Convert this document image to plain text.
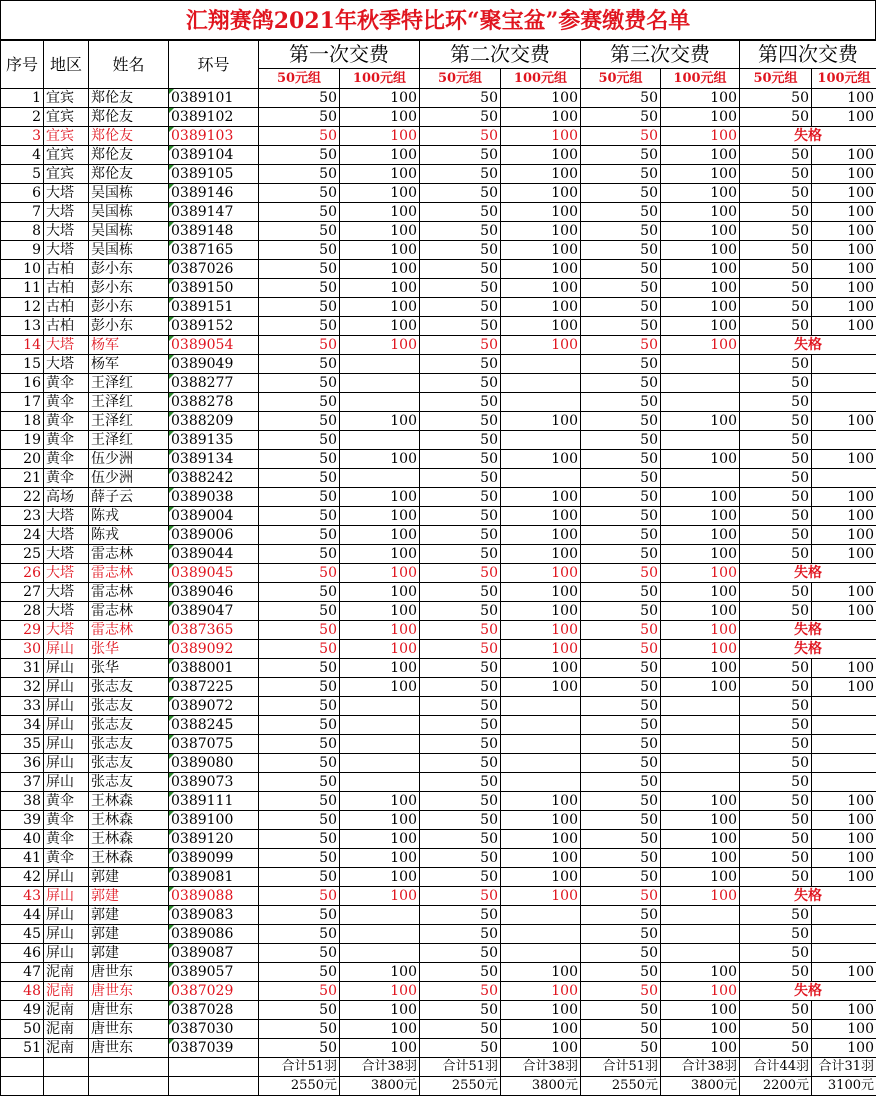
汇翔赛鸽2021年秋季特比环“聚宝盆”参赛缴费名单
序号	地区	姓名	环号	第一次交费		第二次交费		第三次交费		第四次交费	
				50元组	100元组	50元组	100元组	50元组	100元组	50元组	100元组
1	宜宾	郑伦友	0389101	50	100	50	100	50	100	50	100
2	宜宾	郑伦友	0389102	50	100	50	100	50	100	50	100
3	宜宾	郑伦友	0389103	50	100	50	100	50	100	失格	
4	宜宾	郑伦友	0389104	50	100	50	100	50	100	50	100
5	宜宾	郑伦友	0389105	50	100	50	100	50	100	50	100
6	大塔	吴国栋	0389146	50	100	50	100	50	100	50	100
7	大塔	吴国栋	0389147	50	100	50	100	50	100	50	100
8	大塔	吴国栋	0389148	50	100	50	100	50	100	50	100
9	大塔	吴国栋	0387165	50	100	50	100	50	100	50	100
10	古柏	彭小东	0387026	50	100	50	100	50	100	50	100
11	古柏	彭小东	0389150	50	100	50	100	50	100	50	100
12	古柏	彭小东	0389151	50	100	50	100	50	100	50	100
13	古柏	彭小东	0389152	50	100	50	100	50	100	50	100
14	大塔	杨军	0389054	50	100	50	100	50	100	失格	
15	大塔	杨军	0389049	50		50		50		50	
16	黄伞	王泽红	0388277	50		50		50		50	
17	黄伞	王泽红	0388278	50		50		50		50	
18	黄伞	王泽红	0388209	50	100	50	100	50	100	50	100
19	黄伞	王泽红	0389135	50		50		50		50	
20	黄伞	伍少洲	0389134	50	100	50	100	50	100	50	100
21	黄伞	伍少洲	0388242	50		50		50		50	
22	高场	薛子云	0389038	50	100	50	100	50	100	50	100
23	大塔	陈戎	0389004	50	100	50	100	50	100	50	100
24	大塔	陈戎	0389006	50	100	50	100	50	100	50	100
25	大塔	雷志林	0389044	50	100	50	100	50	100	50	100
26	大塔	雷志林	0389045	50	100	50	100	50	100	失格	
27	大塔	雷志林	0389046	50	100	50	100	50	100	50	100
28	大塔	雷志林	0389047	50	100	50	100	50	100	50	100
29	大塔	雷志林	0387365	50	100	50	100	50	100	失格	
30	屏山	张华	0389092	50	100	50	100	50	100	失格	
31	屏山	张华	0388001	50	100	50	100	50	100	50	100
32	屏山	张志友	0387225	50	100	50	100	50	100	50	100
33	屏山	张志友	0389072	50		50		50		50	
34	屏山	张志友	0388245	50		50		50		50	
35	屏山	张志友	0387075	50		50		50		50	
36	屏山	张志友	0389080	50		50		50		50	
37	屏山	张志友	0389073	50		50		50		50	
38	黄伞	王林森	0389111	50	100	50	100	50	100	50	100
39	黄伞	王林森	0389100	50	100	50	100	50	100	50	100
40	黄伞	王林森	0389120	50	100	50	100	50	100	50	100
41	黄伞	王林森	0389099	50	100	50	100	50	100	50	100
42	屏山	郭建	0389081	50	100	50	100	50	100	50	100
43	屏山	郭建	0389088	50	100	50	100	50	100	失格	
44	屏山	郭建	0389083	50		50		50		50	
45	屏山	郭建	0389086	50		50		50		50	
46	屏山	郭建	0389087	50		50		50		50	
47	泥南	唐世东	0389057	50	100	50	100	50	100	50	100
48	泥南	唐世东	0387029	50	100	50	100	50	100	失格	
49	泥南	唐世东	0387028	50	100	50	100	50	100	50	100
50	泥南	唐世东	0387030	50	100	50	100	50	100	50	100
51	泥南	唐世东	0387039	50	100	50	100	50	100	50	100
				合计51羽	合计38羽	合计51羽	合计38羽	合计51羽	合计38羽	合计44羽	合计31羽
				2550元	3800元	2550元	3800元	2550元	3800元	2200元	3100元
